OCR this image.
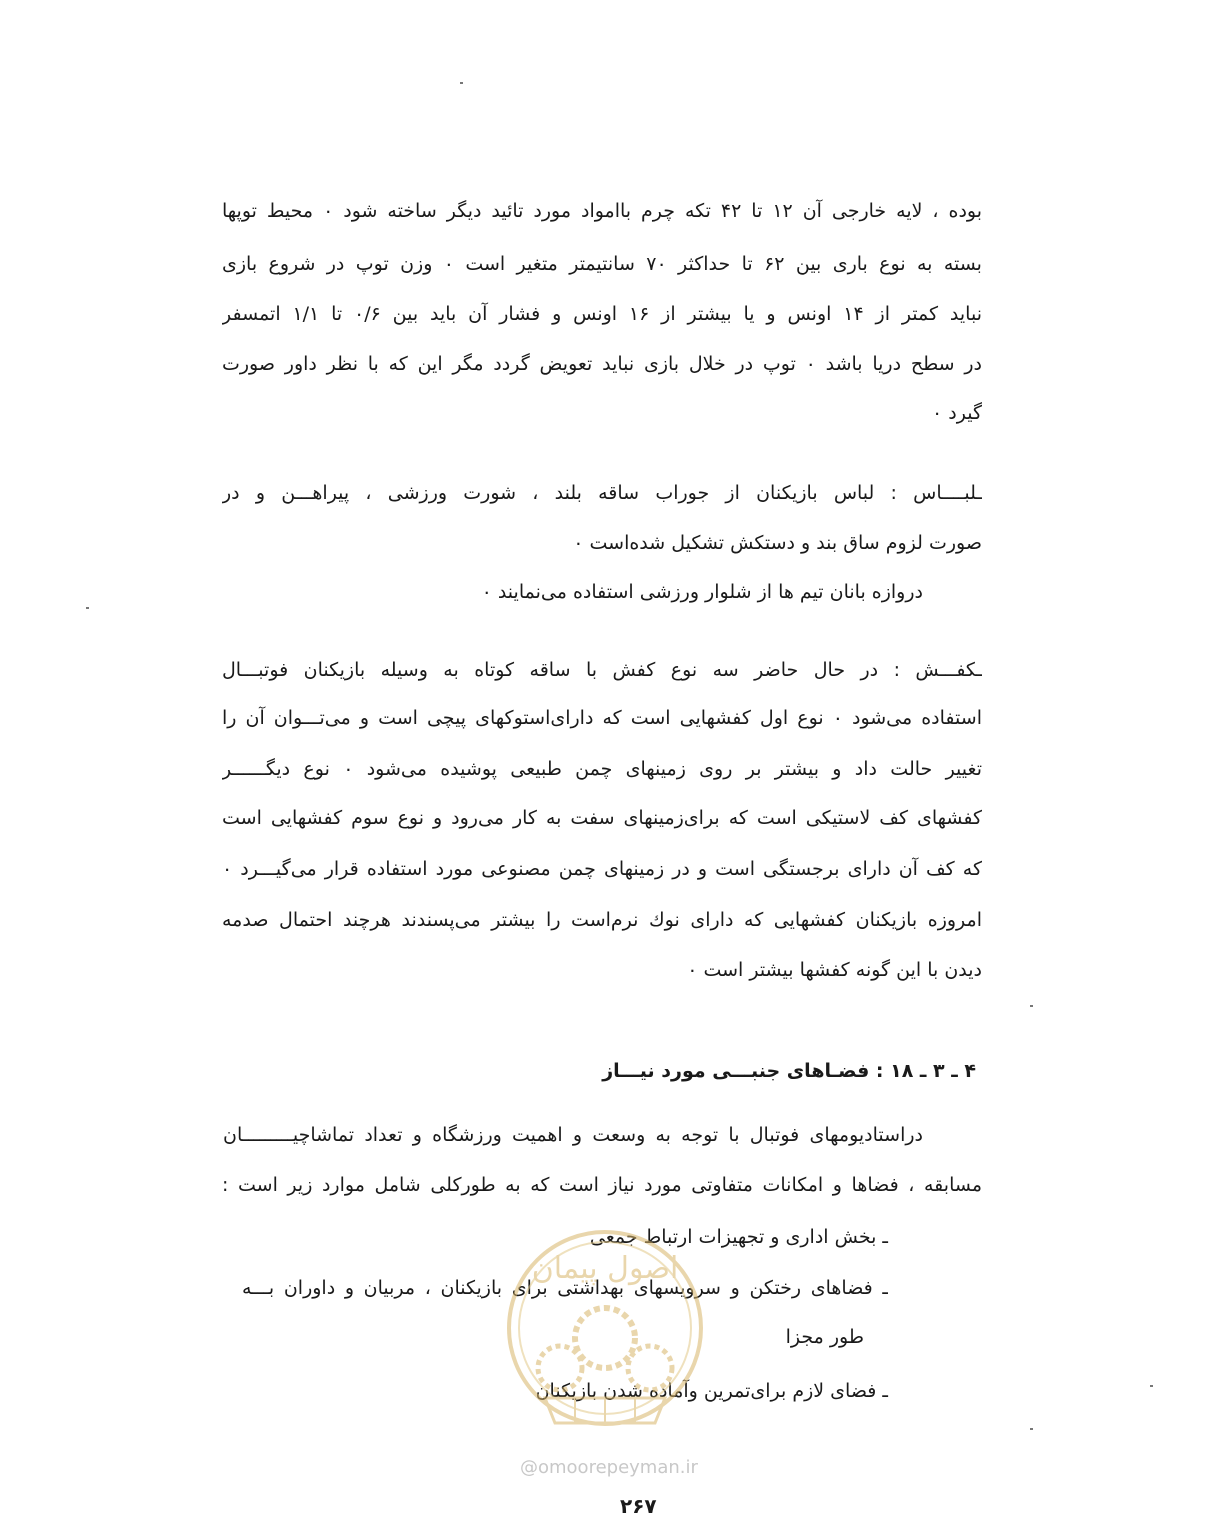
بوده ، لایه خارجی آن ۱۲ تا ۴۲ تکه چرم باامواد مورد تائید دیگر ساخته شود ۰ محیط توپها
بسته به نوع باری بین ۶۲ تا حداکثر ۷۰ سانتیمتر متغیر است ۰ وزن توپ در شروع بازی
نباید کمتر از ۱۴ اونس و یا بیشتر از ۱۶ اونس و فشار آن باید بین ۰/۶ تا ۱/۱ اتمسفر
در سطح دریا باشد ۰ توپ در خلال بازی نباید تعویض گردد مگر این که با نظر داور صورت
گیرد ۰
ـلبــــاس : لباس بازیکنان از جوراب ساقه بلند ، شورت ورزشی ، پیراهـــن و در
صورت لزوم ساق بند و دستکش تشکیل شده‌است ۰
دروازه بانان تیم ها از شلوار ورزشی استفاده می‌نمایند ۰
ـکفـــش : در حال حاضر سه نوع کفش با ساقه کوتاه به وسیله بازیکنان فوتبـــال
استفاده می‌شود ۰ نوع اول کفشهایی است که دارای‌استوکهای پیچی است و می‌تـــوان آن را
تغییر حالت داد و بیشتر بر روی زمینهای چمن طبیعی پوشیده می‌شود ۰ نوع دیگــــــر
کفشهای کف لاستیکی است که برای‌زمینهای سفت به کار می‌رود و نوع سوم کفشهایی است
که کف آن دارای برجستگی است و در زمینهای چمن مصنوعی مورد استفاده قرار می‌گیـــرد ۰
امروزه بازیکنان کفشهایی که دارای نوك نرم‌است را بیشتر می‌پسندند هرچند احتمال صدمه
دیدن با این گونه کفشها بیشتر است ۰
۴ ـ ۳ ـ ۱۸ : فضـاهای جنبـــی مورد نیـــاز
دراستادیومهای فوتبال با توجه به وسعت و اهمیت ورزشگاه و تعداد تماشاچیـــــــــان
مسابقه ، فضاها و امکانات متفاوتی مورد نیاز است که به طورکلی شامل موارد زیر است :
ـ بخش اداری و تجهیزات ارتباط جمعی
ـ فضاهای رختکن و سرویسهای بهداشتی برای بازیکنان ، مربیان و داوران بـــه
طور مجزا
ـ فضای لازم برای‌تمرین وآماده شدن بازیکنان
اصول پیمان
@omoorepeyman.ir
۲۶۷
